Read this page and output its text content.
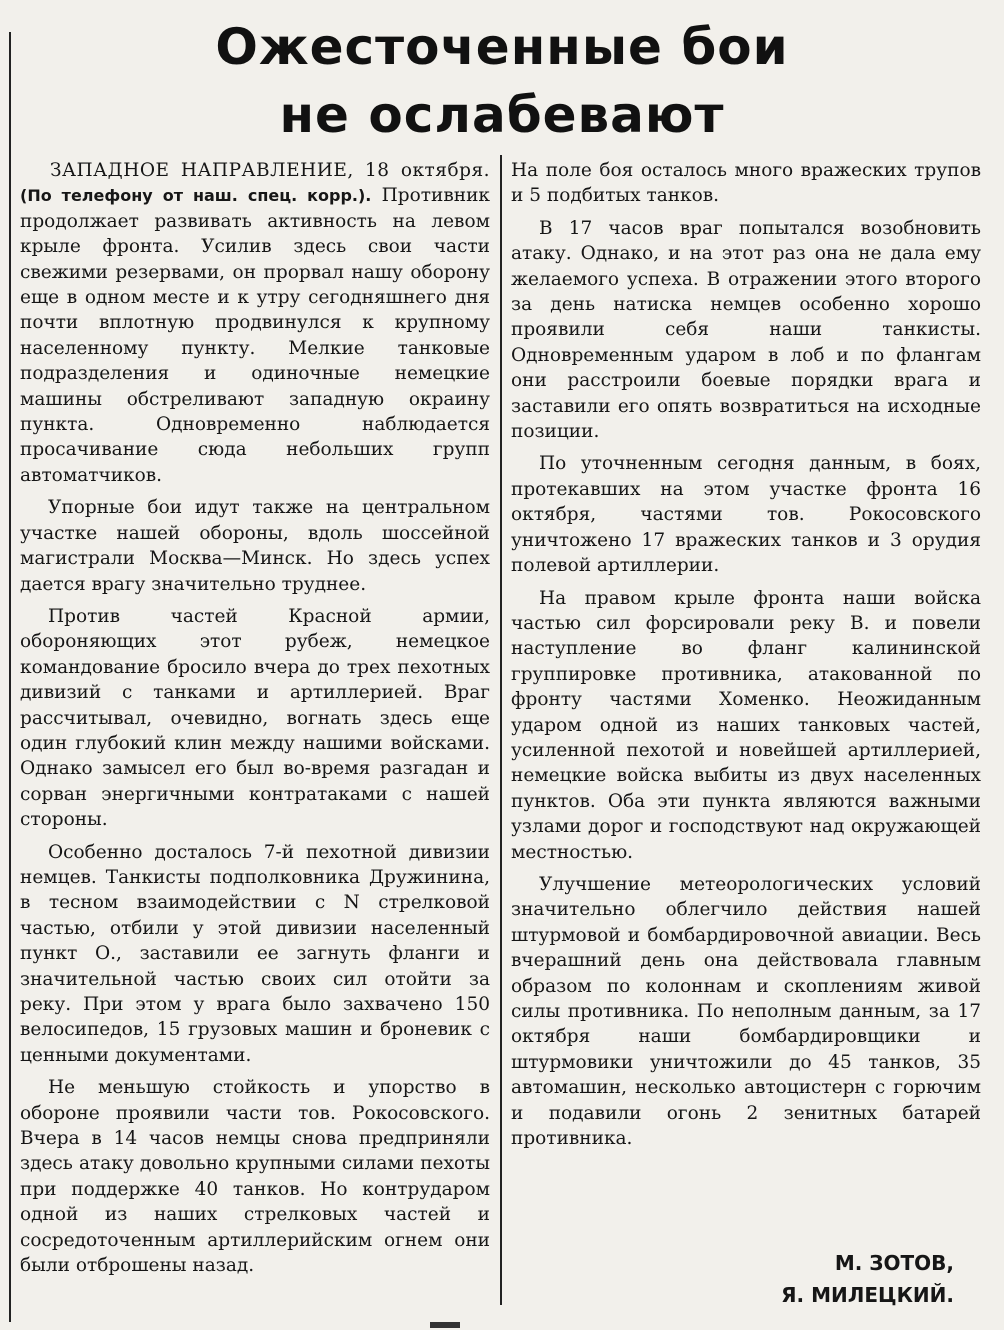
Ожесточенные бои
не ослабевают

ЗАПАДНОЕ НАПРАВЛЕНИЕ, 18 октября. (По телефону от наш. спец. корр.). Противник продолжает развивать активность на левом крыле фронта. Усилив здесь свои части свежими резервами, он прорвал нашу оборону еще в одном месте и к утру сегодняшнего дня почти вплотную продвинулся к крупному населенному пункту. Мелкие танковые подразделения и одиночные немецкие машины обстреливают западную окраину пункта. Одновременно наблюдается просачивание сюда небольших групп автоматчиков.

Упорные бои идут также на центральном участке нашей обороны, вдоль шоссейной магистрали Москва—Минск. Но здесь успех дается врагу значительно труднее.

Против частей Красной армии, обороняющих этот рубеж, немецкое командование бросило вчера до трех пехотных дивизий с танками и артиллерией. Враг рассчитывал, очевидно, вогнать здесь еще один глубокий клин между нашими войсками. Однако замысел его был во-время разгадан и сорван энергичными контратаками с нашей стороны.

Особенно досталось 7-й пехотной дивизии немцев. Танкисты подполковника Дружинина, в тесном взаимодействии с N стрелковой частью, отбили у этой дивизии населенный пункт О., заставили ее загнуть фланги и значительной частью своих сил отойти за реку. При этом у врага было захвачено 150 велосипедов, 15 грузовых машин и броневик с ценными документами.

Не меньшую стойкость и упорство в обороне проявили части тов. Рокосовского. Вчера в 14 часов немцы снова предприняли здесь атаку довольно крупными силами пехоты при поддержке 40 танков. Но контрударом одной из наших стрелковых частей и сосредоточенным артиллерийским огнем они были отброшены назад.

На поле боя осталось много вражеских трупов и 5 подбитых танков.

В 17 часов враг попытался возобновить атаку. Однако, и на этот раз она не дала ему желаемого успеха. В отражении этого второго за день натиска немцев особенно хорошо проявили себя наши танкисты. Одновременным ударом в лоб и по флангам они расстроили боевые порядки врага и заставили его опять возвратиться на исходные позиции.

По уточненным сегодня данным, в боях, протекавших на этом участке фронта 16 октября, частями тов. Рокосовского уничтожено 17 вражеских танков и 3 орудия полевой артиллерии.

На правом крыле фронта наши войска частью сил форсировали реку В. и повели наступление во фланг калининской группировке противника, атакованной по фронту частями Хоменко. Неожиданным ударом одной из наших танковых частей, усиленной пехотой и новейшей артиллерией, немецкие войска выбиты из двух населенных пунктов. Оба эти пункта являются важными узлами дорог и господствуют над окружающей местностью.

Улучшение метеорологических условий значительно облегчило действия нашей штурмовой и бомбардировочной авиации. Весь вчерашний день она действовала главным образом по колоннам и скоплениям живой силы противника. По неполным данным, за 17 октября наши бомбардировщики и штурмовики уничтожили до 45 танков, 35 автомашин, несколько автоцистерн с горючим и подавили огонь 2 зенитных батарей противника.

М. ЗОТОВ,
Я. МИЛЕЦКИЙ.
